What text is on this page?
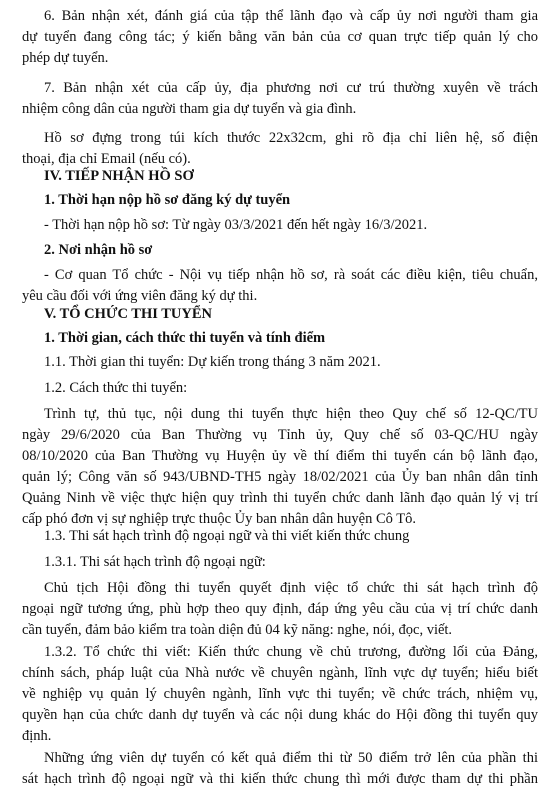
6. Bản nhận xét, đánh giá của tập thể lãnh đạo và cấp ủy nơi người tham gia
dự tuyển đang công tác; ý kiến bằng văn bản của cơ quan trực tiếp quản lý cho
phép dự tuyển.
7. Bản nhận xét của cấp ủy, địa phương nơi cư trú thường xuyên về trách
nhiệm công dân của người tham gia dự tuyển và gia đình.
Hồ sơ đựng trong túi kích thước 22x32cm, ghi rõ địa chỉ liên hệ, số điện
thoại, địa chỉ Email (nếu có).
IV. TIẾP NHẬN HỒ SƠ
1. Thời hạn nộp hồ sơ đăng ký dự tuyển
- Thời hạn nộp hồ sơ: Từ ngày 03/3/2021 đến hết ngày 16/3/2021.
2. Nơi nhận hồ sơ
- Cơ quan Tổ chức - Nội vụ tiếp nhận hồ sơ, rà soát các điều kiện, tiêu chuẩn,
yêu cầu đối với ứng viên đăng ký dự thi.
V. TỔ CHỨC THI TUYỂN
1. Thời gian, cách thức thi tuyển và tính điểm
1.1. Thời gian thi tuyển: Dự kiến trong tháng 3 năm 2021.
1.2. Cách thức thi tuyển:
Trình tự, thủ tục, nội dung thi tuyển thực hiện theo Quy chế số 12-QC/TU
ngày 29/6/2020 của Ban Thường vụ Tỉnh ủy, Quy chế số 03-QC/HU ngày
08/10/2020 của Ban Thường vụ Huyện ủy về thí điểm thi tuyển cán bộ lãnh đạo,
quản lý; Công văn số 943/UBND-TH5 ngày 18/02/2021 của Ủy ban nhân dân tỉnh
Quảng Ninh về việc thực hiện quy trình thi tuyển chức danh lãnh đạo quản lý vị trí
cấp phó đơn vị sự nghiệp trực thuộc Ủy ban nhân dân huyện Cô Tô.
1.3. Thi sát hạch trình độ ngoại ngữ và thi viết kiến thức chung
1.3.1. Thi sát hạch trình độ ngoại ngữ:
Chủ tịch Hội đồng thi tuyển quyết định việc tổ chức thi sát hạch trình độ
ngoại ngữ tương ứng, phù hợp theo quy định, đáp ứng yêu cầu của vị trí chức danh
cần tuyển, đảm bảo kiểm tra toàn diện đủ 04 kỹ năng: nghe, nói, đọc, viết.
1.3.2. Tổ chức thi viết: Kiến thức chung về chủ trương, đường lối của Đảng,
chính sách, pháp luật của Nhà nước về chuyên ngành, lĩnh vực dự tuyển; hiểu biết
về nghiệp vụ quản lý chuyên ngành, lĩnh vực thi tuyển; về chức trách, nhiệm vụ,
quyền hạn của chức danh dự tuyển và các nội dung khác do Hội đồng thi tuyển quy
định.
Những ứng viên dự tuyển có kết quả điểm thi từ 50 điểm trở lên của phần thi
sát hạch trình độ ngoại ngữ và thi kiến thức chung thì mới được tham dự thi phần
